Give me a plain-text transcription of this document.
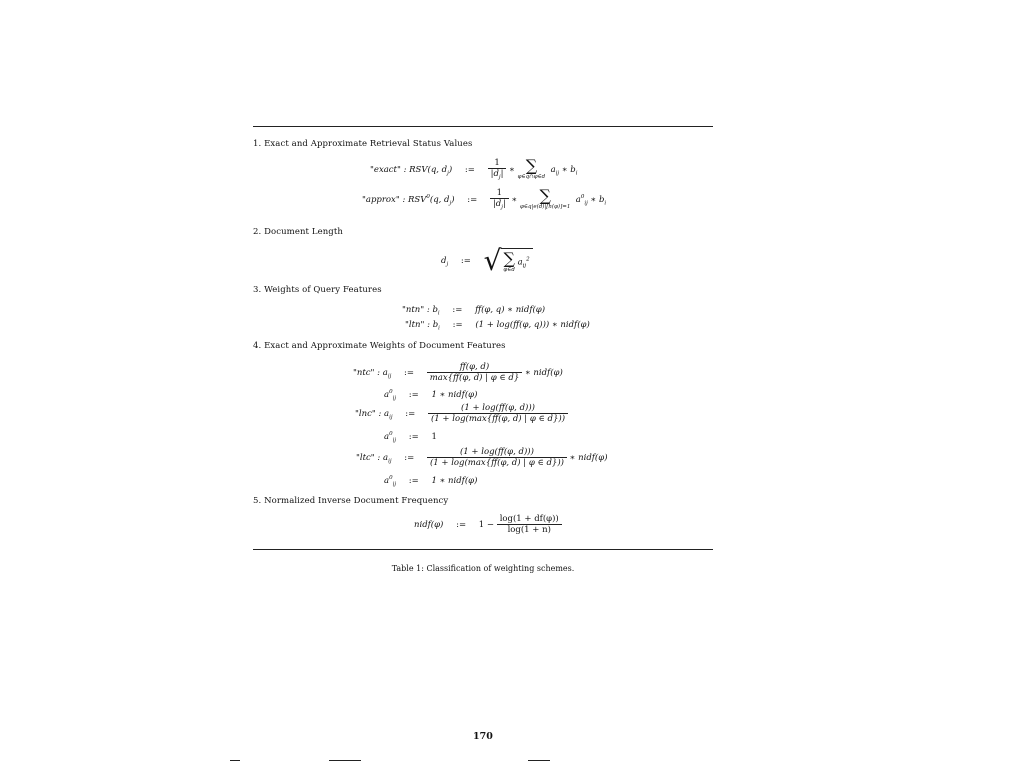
1. Exact and Approximate Retrieval Status Values
"exact" : RSV(q, $d_j$) := $\frac{1}{|d_j|}$ ∗ ∑
φ∈q∩φ∈d
$a_{ij}$ ∗ $b_i$
"approx" : RSV$^0$(q, $d_j$) := $\frac{1}{|d_j|}$ ∗	∑
φ∈q|e(d)|[h(φ)]=1
$a^0_{ij}$ ∗ $b_i$
2. Document Length
$d_j$ := √ ∑
φ∈d
$a_{ij}^2$
3. Weights of Query Features
"ntn" : $b_i$ := ff(φ, q) ∗ nidf(φ)
"ltn" : $b_i$ := (1 + log(ff(φ, q))) ∗ nidf(φ)
4. Exact and Approximate Weights of Document Features
"ntc" : $a_{ij}$ := $\frac{ff(\varphi, d)}{\max\{ff(\varphi, d) | \varphi \in d\}}$ ∗ nidf(φ)
$a^0_{ij}$ := 1 ∗ nidf(φ)
"lnc" : $a_{ij}$ := $\frac{(1 + \log(ff(\varphi, d)))}{(1 + \log(\max\{ff(\varphi, d) | \varphi \in d\}))}$
$a^0_{ij}$ := 1
"ltc" : $a_{ij}$ := $\frac{(1 + \log(ff(\varphi, d)))}{(1 + \log(\max\{ff(\varphi, d) | \varphi \in d\}))}$ ∗ nidf(φ)
$a^0_{ij}$ := 1 ∗ nidf(φ)
5. Normalized Inverse Document Frequency
nidf(φ) := $1 - \frac{\log(1 + df(\varphi))}{\log(1 + n)}$
Table 1: Classification of weighting schemes.
170
